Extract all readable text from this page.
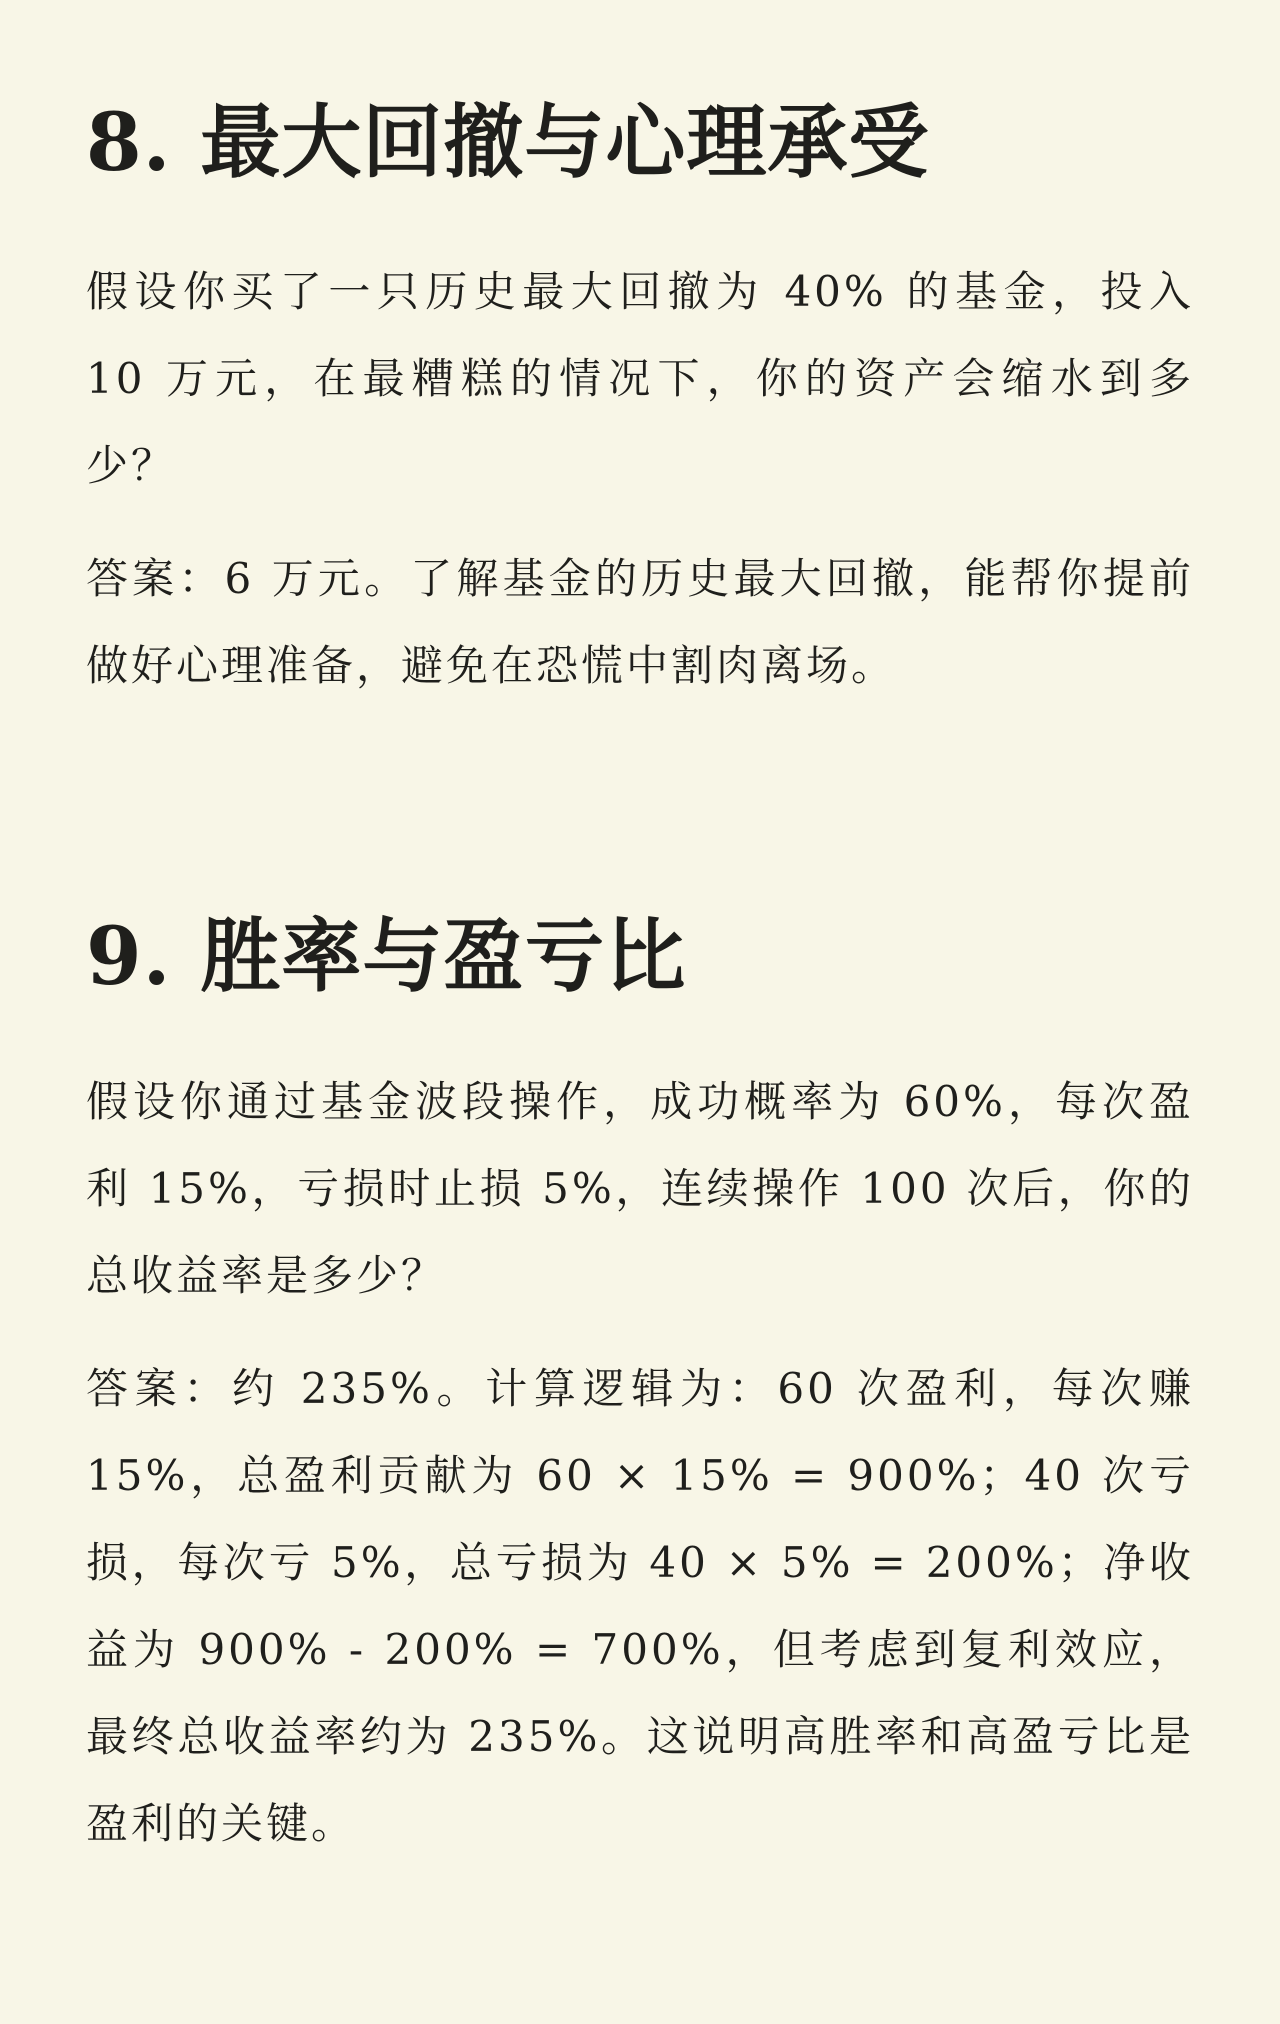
8. 最大回撤与心理承受

假设你买了一只历史最大回撤为 40% 的基金，投入 10 万元，在最糟糕的情况下，你的资产会缩水到多少？

答案：6 万元。了解基金的历史最大回撤，能帮你提前做好心理准备，避免在恐慌中割肉离场。

9. 胜率与盈亏比

假设你通过基金波段操作，成功概率为 60%，每次盈利 15%，亏损时止损 5%，连续操作 100 次后，你的总收益率是多少？

答案：约 235%。计算逻辑为：60 次盈利，每次赚 15%，总盈利贡献为 60 × 15% = 900%；40 次亏损，每次亏 5%，总亏损为 40 × 5% = 200%；净收益为 900% - 200% = 700%，但考虑到复利效应，最终总收益率约为 235%。这说明高胜率和高盈亏比是盈利的关键。
